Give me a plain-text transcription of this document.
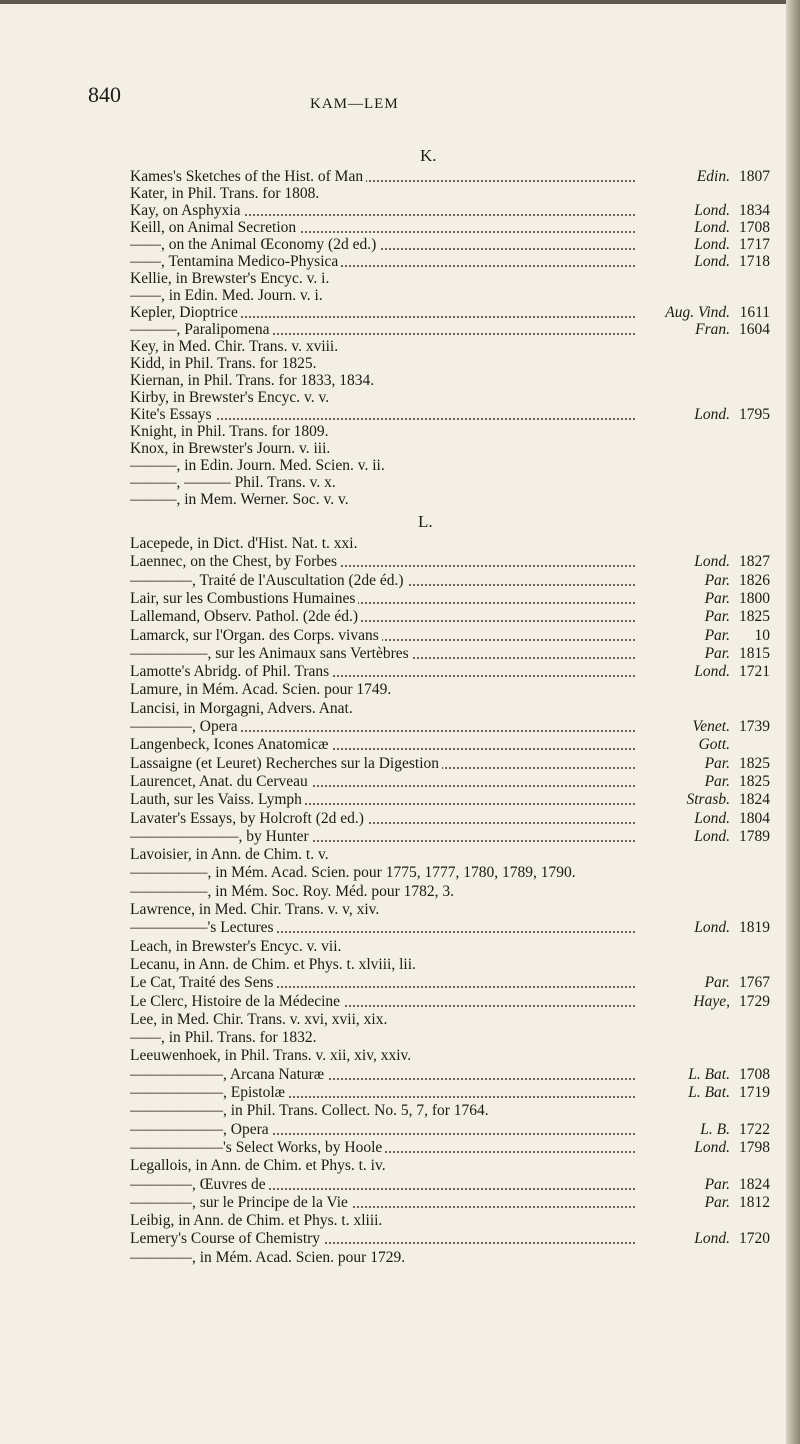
840	KAM—LEM
K.
L.
Kames's Sketches of the Hist. of Man	Edin. 1807
Kater, in Phil. Trans. for 1808.
Kay, on Asphyxia	Lond. 1834
Keill, on Animal Secretion	Lond. 1708
——, on the Animal Œconomy (2d ed.)	Lond. 1717
——, Tentamina Medico-Physica	Lond. 1718
Kellie, in Brewster's Encyc. v. i.
——, in Edin. Med. Journ. v. i.
Kepler, Dioptrice	Aug. Vind. 1611
———, Paralipomena	Fran. 1604
Key, in Med. Chir. Trans. v. xviii.
Kidd, in Phil. Trans. for 1825.
Kiernan, in Phil. Trans. for 1833, 1834.
Kirby, in Brewster's Encyc. v. v.
Kite's Essays	Lond. 1795
Knight, in Phil. Trans. for 1809.
Knox, in Brewster's Journ. v. iii.
———, in Edin. Journ. Med. Scien. v. ii.
———, ——— Phil. Trans. v. x.
———, in Mem. Werner. Soc. v. v.
Lacepede, in Dict. d'Hist. Nat. t. xxi.
Laennec, on the Chest, by Forbes	Lond. 1827
————, Traité de l'Auscultation (2de éd.)	Par. 1826
Lair, sur les Combustions Humaines	Par. 1800
Lallemand, Observ. Pathol. (2de éd.)	Par. 1825
Lamarck, sur l'Organ. des Corps. vivans	Par.	10
—————, sur les Animaux sans Vertèbres	Par. 1815
Lamotte's Abridg. of Phil. Trans	Lond. 1721
Lamure, in Mém. Acad. Scien. pour 1749.
Lancisi, in Morgagni, Advers. Anat.
————, Opera	Venet. 1739
Langenbeck, Icones Anatomicæ	Gott.
Lassaigne (et Leuret) Recherches sur la Digestion	Par. 1825
Laurencet, Anat. du Cerveau	Par. 1825
Lauth, sur les Vaiss. Lymph	Strasb. 1824
Lavater's Essays, by Holcroft (2d ed.)	Lond. 1804
———————, by Hunter	Lond. 1789
Lavoisier, in Ann. de Chim. t. v.
—————, in Mém. Acad. Scien. pour 1775, 1777, 1780, 1789, 1790.
—————, in Mém. Soc. Roy. Méd. pour 1782, 3.
Lawrence, in Med. Chir. Trans. v. v, xiv.
—————'s Lectures	Lond. 1819
Leach, in Brewster's Encyc. v. vii.
Lecanu, in Ann. de Chim. et Phys. t. xlviii, lii.
Le Cat, Traité des Sens	Par. 1767
Le Clerc, Histoire de la Médecine	Haye, 1729
Lee, in Med. Chir. Trans. v. xvi, xvii, xix.
——, in Phil. Trans. for 1832.
Leeuwenhoek, in Phil. Trans. v. xii, xiv, xxiv.
——————, Arcana Naturæ	L. Bat. 1708
——————, Epistolæ	L. Bat. 1719
——————, in Phil. Trans. Collect. No. 5, 7, for 1764.
——————, Opera	L. B. 1722
——————'s Select Works, by Hoole	Lond. 1798
Legallois, in Ann. de Chim. et Phys. t. iv.
————, Œuvres de	Par. 1824
————, sur le Principe de la Vie	Par. 1812
Leibig, in Ann. de Chim. et Phys. t. xliii.
Lemery's Course of Chemistry	Lond. 1720
————, in Mém. Acad. Scien. pour 1729.
